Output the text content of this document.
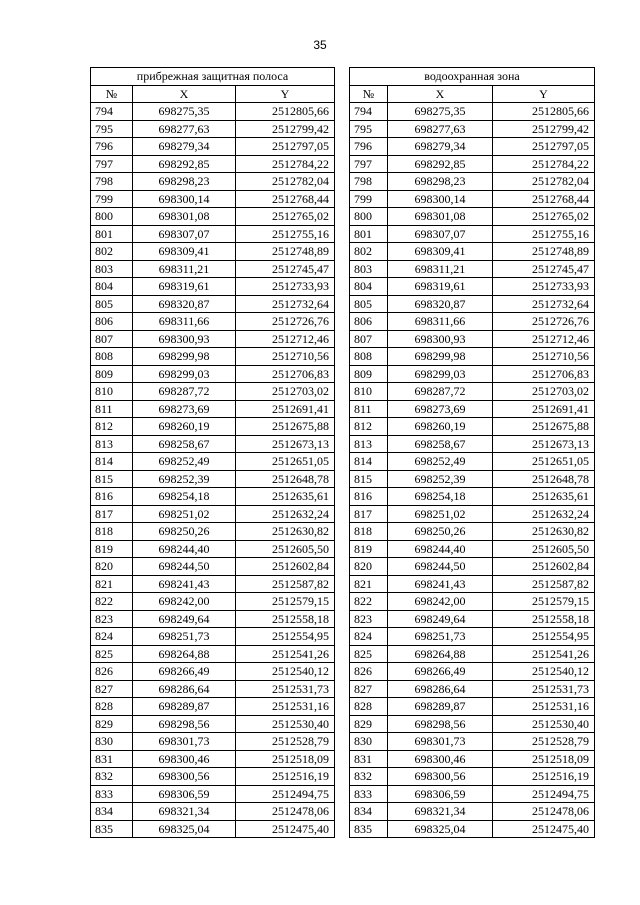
35
прибрежная защитная полоса				водоохранная зона		
№	X	Y		№	X	Y
794	698275,35	2512805,66		794	698275,35	2512805,66
795	698277,63	2512799,42		795	698277,63	2512799,42
796	698279,34	2512797,05		796	698279,34	2512797,05
797	698292,85	2512784,22		797	698292,85	2512784,22
798	698298,23	2512782,04		798	698298,23	2512782,04
799	698300,14	2512768,44		799	698300,14	2512768,44
800	698301,08	2512765,02		800	698301,08	2512765,02
801	698307,07	2512755,16		801	698307,07	2512755,16
802	698309,41	2512748,89		802	698309,41	2512748,89
803	698311,21	2512745,47		803	698311,21	2512745,47
804	698319,61	2512733,93		804	698319,61	2512733,93
805	698320,87	2512732,64		805	698320,87	2512732,64
806	698311,66	2512726,76		806	698311,66	2512726,76
807	698300,93	2512712,46		807	698300,93	2512712,46
808	698299,98	2512710,56		808	698299,98	2512710,56
809	698299,03	2512706,83		809	698299,03	2512706,83
810	698287,72	2512703,02		810	698287,72	2512703,02
811	698273,69	2512691,41		811	698273,69	2512691,41
812	698260,19	2512675,88		812	698260,19	2512675,88
813	698258,67	2512673,13		813	698258,67	2512673,13
814	698252,49	2512651,05		814	698252,49	2512651,05
815	698252,39	2512648,78		815	698252,39	2512648,78
816	698254,18	2512635,61		816	698254,18	2512635,61
817	698251,02	2512632,24		817	698251,02	2512632,24
818	698250,26	2512630,82		818	698250,26	2512630,82
819	698244,40	2512605,50		819	698244,40	2512605,50
820	698244,50	2512602,84		820	698244,50	2512602,84
821	698241,43	2512587,82		821	698241,43	2512587,82
822	698242,00	2512579,15		822	698242,00	2512579,15
823	698249,64	2512558,18		823	698249,64	2512558,18
824	698251,73	2512554,95		824	698251,73	2512554,95
825	698264,88	2512541,26		825	698264,88	2512541,26
826	698266,49	2512540,12		826	698266,49	2512540,12
827	698286,64	2512531,73		827	698286,64	2512531,73
828	698289,87	2512531,16		828	698289,87	2512531,16
829	698298,56	2512530,40		829	698298,56	2512530,40
830	698301,73	2512528,79		830	698301,73	2512528,79
831	698300,46	2512518,09		831	698300,46	2512518,09
832	698300,56	2512516,19		832	698300,56	2512516,19
833	698306,59	2512494,75		833	698306,59	2512494,75
834	698321,34	2512478,06		834	698321,34	2512478,06
835	698325,04	2512475,40		835	698325,04	2512475,40
